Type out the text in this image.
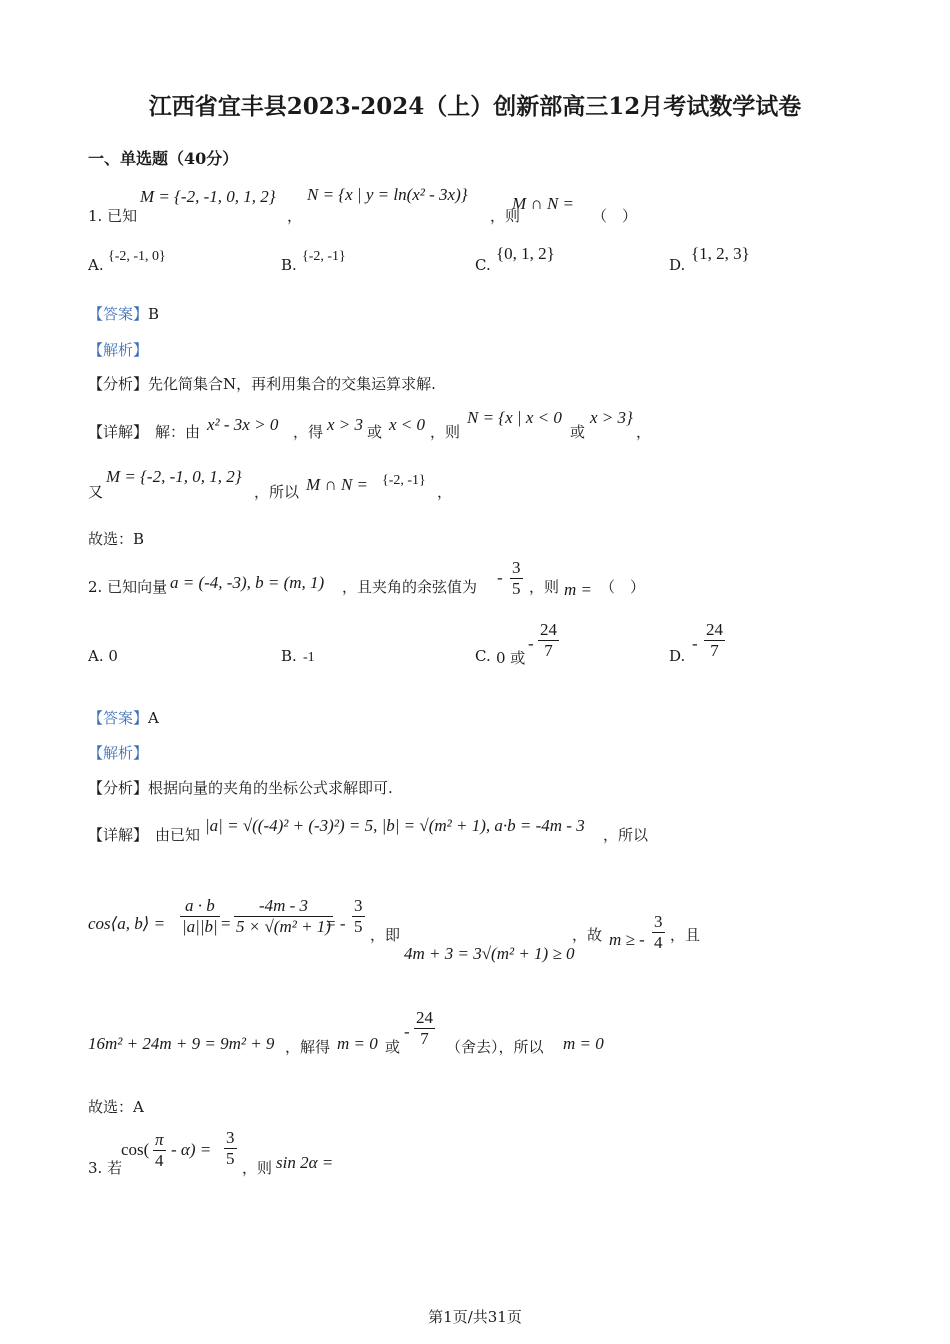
江西省宜丰县2023-2024（上）创新部高三12月考试数学试卷
一、单选题（40分）
1. 已知
M = {-2, -1, 0, 1, 2}
，
N = {x | y = ln(x² - 3x)}
，则
M ∩ N =
（　）
A. {-2, -1, 0}	B. {-2, -1}	C.
{0, 1, 2}
D.
{1, 2, 3}
【答案】B
【解析】
【分析】先化简集合N，再利用集合的交集运算求解.
【详解】 解：由 x² - 3x > 0 ，得 x > 3 或 x < 0 ，则
N = {x | x < 0
或
x > 3}
，
又
M = {-2, -1, 0, 1, 2}
，所以 M ∩ N = {-2, -1}
，
故选：B
2. 已知向量 a = (-4, -3), b = (m, 1) ，且夹角的余弦值为 - $\frac{3}{5}$ ，则 m = （　）
A. 0	B. -1	C. 0 或
- $\frac{24}{7}$	D.
- $\frac{24}{7}$
【答案】A
【解析】
【分析】根据向量的夹角的坐标公式求解即可.
【详解】 由已知 |a| = √((-4)² + (-3)²) = 5, |b| = √(m² + 1), a·b = -4m - 3 ，所以
cos⟨a, b⟩ = $\frac{a \cdot b}{|a||b|} = \frac{-4m - 3}{\text{5 × √(m² + 1)}}$
= - $\frac{3}{5}$ ，即
4m + 3 = 3√(m² + 1) ≥ 0
，故 m ≥ - $\frac{3}{4}$ ，且
16m² + 24m + 9 = 9m² + 9 ，解得 m = 0 或
- $\frac{24}{7}$ （舍去），所以 m = 0
故选：A
3. 若
$\cos( \frac{\pi}{4} - \alpha) = \frac{3}{5}$ ，则 sin 2α =
第1页/共31页
